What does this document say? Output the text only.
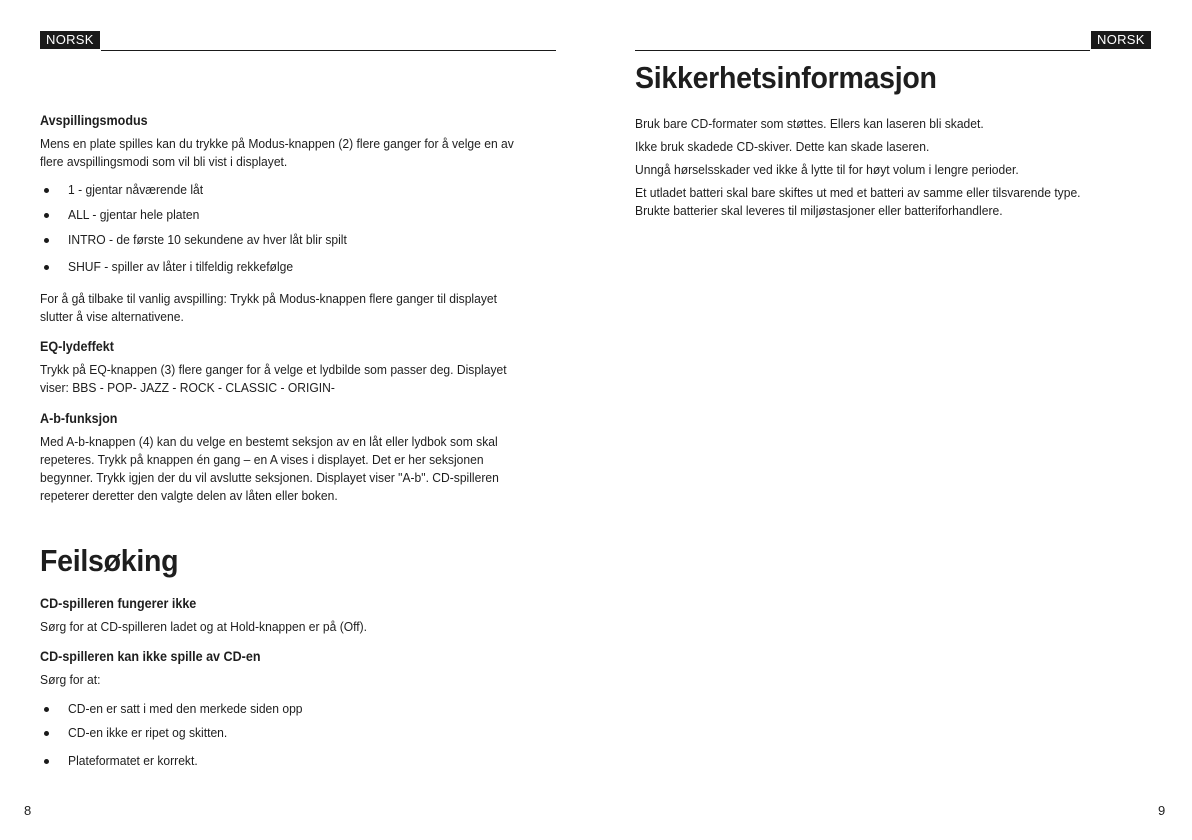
NORSK
Avspillingsmodus

Mens en plate spilles kan du trykke på Modus-knappen (2) flere ganger for å velge en av

flere avspillingsmodi som vil bli vist i displayet.

1 - gjentar nåværende låt
ALL - gjentar hele platen
INTRO - de første 10 sekundene av hver låt blir spilt
SHUF - spiller av låter i tilfeldig rekkefølge

For å gå tilbake til vanlig avspilling: Trykk på Modus-knappen flere ganger til displayet

slutter å vise alternativene.

EQ-lydeffekt

Trykk på EQ-knappen (3) flere ganger for å velge et lydbilde som passer deg. Displayet

viser: BBS - POP- JAZZ - ROCK - CLASSIC - ORIGIN-

A-b-funksjon

Med A-b-knappen (4) kan du velge en bestemt seksjon av en låt eller lydbok som skal

repeteres. Trykk på knappen én gang – en A vises i displayet. Det er her seksjonen

begynner. Trykk igjen der du vil avslutte seksjonen. Displayet viser "A-b". CD-spilleren

repeterer deretter den valgte delen av låten eller boken.

Feilsøking
CD-spilleren fungerer ikke

Sørg for at CD-spilleren ladet og at Hold-knappen er på (Off).

CD-spilleren kan ikke spille av CD-en

Sørg for at:

CD-en er satt i med den merkede siden opp
CD-en ikke er ripet og skitten.
Plateformatet er korrekt.
8
NORSK
Sikkerhetsinformasjon

Bruk bare CD-formater som støttes. Ellers kan laseren bli skadet.

Ikke bruk skadede CD-skiver. Dette kan skade laseren.

Unngå hørselsskader ved ikke å lytte til for høyt volum i lengre perioder.

Et utladet batteri skal bare skiftes ut med et batteri av samme eller tilsvarende type.

Brukte batterier skal leveres til miljøstasjoner eller batteriforhandlere.

9
